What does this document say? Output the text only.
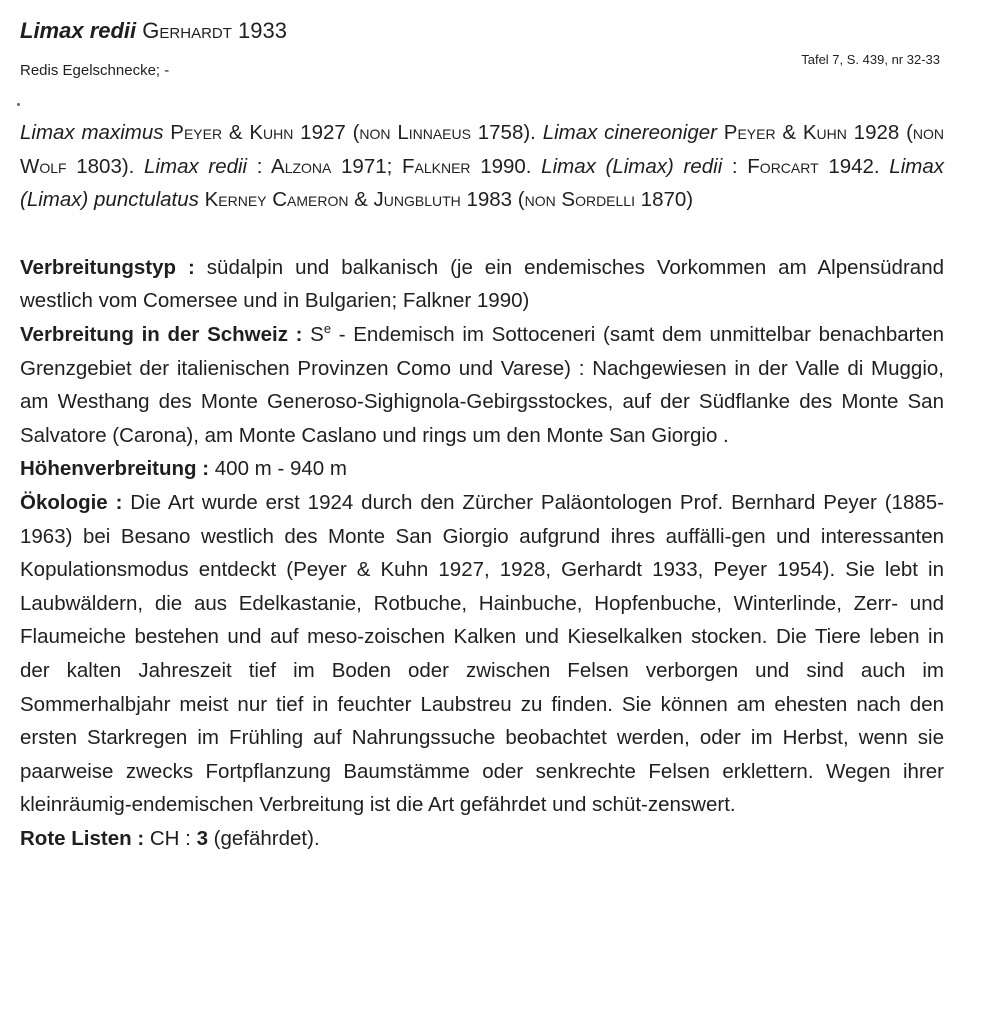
Limax redii Gerhardt 1933
Redis Egelschnecke; -
Tafel 7, S. 439, nr 32-33

Limax maximus Peyer & Kuhn 1927 (non Linnaeus 1758). Limax cinereoniger Peyer & Kuhn 1928 (non Wolf 1803). Limax redii : Alzona 1971; Falkner 1990. Limax (Limax) redii : Forcart 1942. Limax (Limax) punctulatus Kerney Cameron & Jungbluth 1983 (non Sordelli 1870)

Verbreitungstyp : südalpin und balkanisch (je ein endemisches Vorkommen am Alpensüdrand westlich vom Comersee und in Bulgarien; Falkner 1990)

Verbreitung in der Schweiz : $S^e$ - Endemisch im Sottoceneri (samt dem unmittelbar benachbarten Grenzgebiet der italienischen Provinzen Como und Varese) : Nachgewiesen in der Valle di Muggio, am Westhang des Monte Generoso-Sighignola-Gebirgsstockes, auf der Südflanke des Monte San Salvatore (Carona), am Monte Caslano und rings um den Monte San Giorgio .

Höhenverbreitung : 400 m - 940 m

Ökologie : Die Art wurde erst 1924 durch den Zürcher Paläontologen Prof. Bernhard Peyer (1885-1963) bei Besano westlich des Monte San Giorgio aufgrund ihres auffälli-gen und interessanten Kopulationsmodus entdeckt (Peyer & Kuhn 1927, 1928, Gerhardt 1933, Peyer 1954). Sie lebt in Laubwäldern, die aus Edelkastanie, Rotbuche, Hainbuche, Hopfenbuche, Winterlinde, Zerr- und Flaumeiche bestehen und auf meso-zoischen Kalken und Kieselkalken stocken. Die Tiere leben in der kalten Jahreszeit tief im Boden oder zwischen Felsen verborgen und sind auch im Sommerhalbjahr meist nur tief in feuchter Laubstreu zu finden. Sie können am ehesten nach den ersten Starkregen im Frühling auf Nahrungssuche beobachtet werden, oder im Herbst, wenn sie paarweise zwecks Fortpflanzung Baumstämme oder senkrechte Felsen erklettern. Wegen ihrer kleinräumig-endemischen Verbreitung ist die Art gefährdet und schüt-zenswert.

Rote Listen : CH : 3 (gefährdet).
